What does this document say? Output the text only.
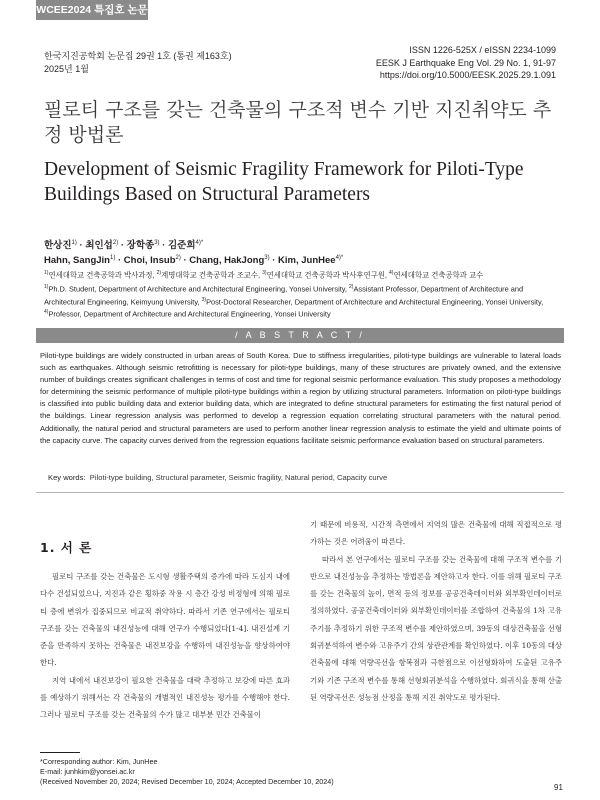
WCEE2024 특집호 논문
한국지진공학회 논문집 29권 1호 (통권 제163호)
2025년 1월
ISSN 1226-525X / eISSN 2234-1099
EESK J Earthquake Eng Vol. 29 No. 1, 91-97
https://doi.org/10.5000/EESK.2025.29.1.091
필로티 구조를 갖는 건축물의 구조적 변수 기반 지진취약도 추정 방법론
Development of Seismic Fragility Framework for Piloti-Type Buildings Based on Structural Parameters
한상진$^{1)}$ · 최인섭$^{2)}$ · 장학종$^{3)}$ · 김준희$^{4)*}$
Hahn, SangJin$^{1)}$ · Choi, Insub$^{2)}$ · Chang, HakJong$^{3)}$ · Kim, JunHee$^{4)*}$
$^{1)}$연세대학교 건축공학과 박사과정, $^{2)}$계명대학교 건축공학과 조교수, $^{3)}$연세대학교 건축공학과 박사후연구원, $^{4)}$연세대학교 건축공학과 교수
$^{1)}$Ph.D. Student, Department of Architecture and Architectural Engineering, Yonsei University, $^{2)}$Assistant Professor, Department of Architecture and Architectural Engineering, Keimyung University, $^{3)}$Post-Doctoral Researcher, Department of Architecture and Architectural Engineering, Yonsei University, $^{4)}$Professor, Department of Architecture and Architectural Engineering, Yonsei University
/ A B S T R A C T /
Piloti-type buildings are widely constructed in urban areas of South Korea. Due to stiffness irregularities, piloti-type buildings are vulnerable to lateral loads such as earthquakes. Although seismic retrofitting is necessary for piloti-type buildings, many of these structures are privately owned, and the extensive number of buildings creates significant challenges in terms of cost and time for regional seismic performance evaluation. This study proposes a methodology for determining the seismic performance of multiple piloti-type buildings within a region by utilizing structural parameters. Information on piloti-type buildings is classified into public building data and exterior building data, which are integrated to define structural parameters for estimating the first natural period of the buildings. Linear regression analysis was performed to develop a regression equation correlating structural parameters with the natural period. Additionally, the natural period and structural parameters are used to perform another linear regression analysis to estimate the yield and ultimate points of the capacity curve. The capacity curves derived from the regression equations facilitate seismic performance evaluation based on structural parameters.
Key words: Piloti-type building, Structural parameter, Seismic fragility, Natural period, Capacity curve
1. 서 론

필로티 구조를 갖는 건축물은 도시형 생활주택의 증가에 따라 도심지 내에 다수 건설되었으나, 지진과 같은 횡하중 작용 시 층간 강성 비정형에 의해 필로티 층에 변위가 집중되므로 비교적 취약하다. 따라서 기존 연구에서는 필로티 구조를 갖는 건축물의 내진성능에 대해 연구가 수행되었다[1-4]. 내진설계 기준을 만족하지 못하는 건축물은 내진보강을 수행하여 내진성능을 향상하여야 한다.

지역 내에서 내진보강이 필요한 건축물을 대략 추정하고 보강에 따른 효과를 예상하기 위해서는 각 건축물의 개별적인 내진성능 평가를 수행해야 한다. 그러나 필로티 구조를 갖는 건축물의 수가 많고 대부분 민간 건축물이

기 때문에 비용적, 시간적 측면에서 지역의 많은 건축물에 대해 직접적으로 평가하는 것은 어려움이 따른다.

따라서 본 연구에서는 필로티 구조를 갖는 건축물에 대해 구조적 변수를 기반으로 내진성능을 추정하는 방법론을 제안하고자 한다. 이를 위해 필로티 구조를 갖는 건축물의 높이, 면적 등의 정보를 공공건축데이터와 외부확인데이터로 정의하였다. 공공건축데이터와 외부확인데이터를 조합하여 건축물의 1차 고유주기를 추정하기 위한 구조적 변수를 제안하였으며, 39동의 대상건축물을 선형회귀분석하여 변수와 고유주기 간의 상관관계를 확인하였다. 이후 10동의 대상건축물에 대해 역량곡선을 항복점과 극한점으로 이선형화하여 도출된 고유주기와 기존 구조적 변수를 통해 선형회귀분석을 수행하였다. 회귀식을 통해 산출된 역량곡선은 성능점 산정을 통해 지진 취약도로 평가된다.

*Corresponding author: Kim, JunHee
E-mail: junhkim@yonsei.ac.kr
(Received November 20, 2024; Revised December 10, 2024; Accepted December 10, 2024)
91
